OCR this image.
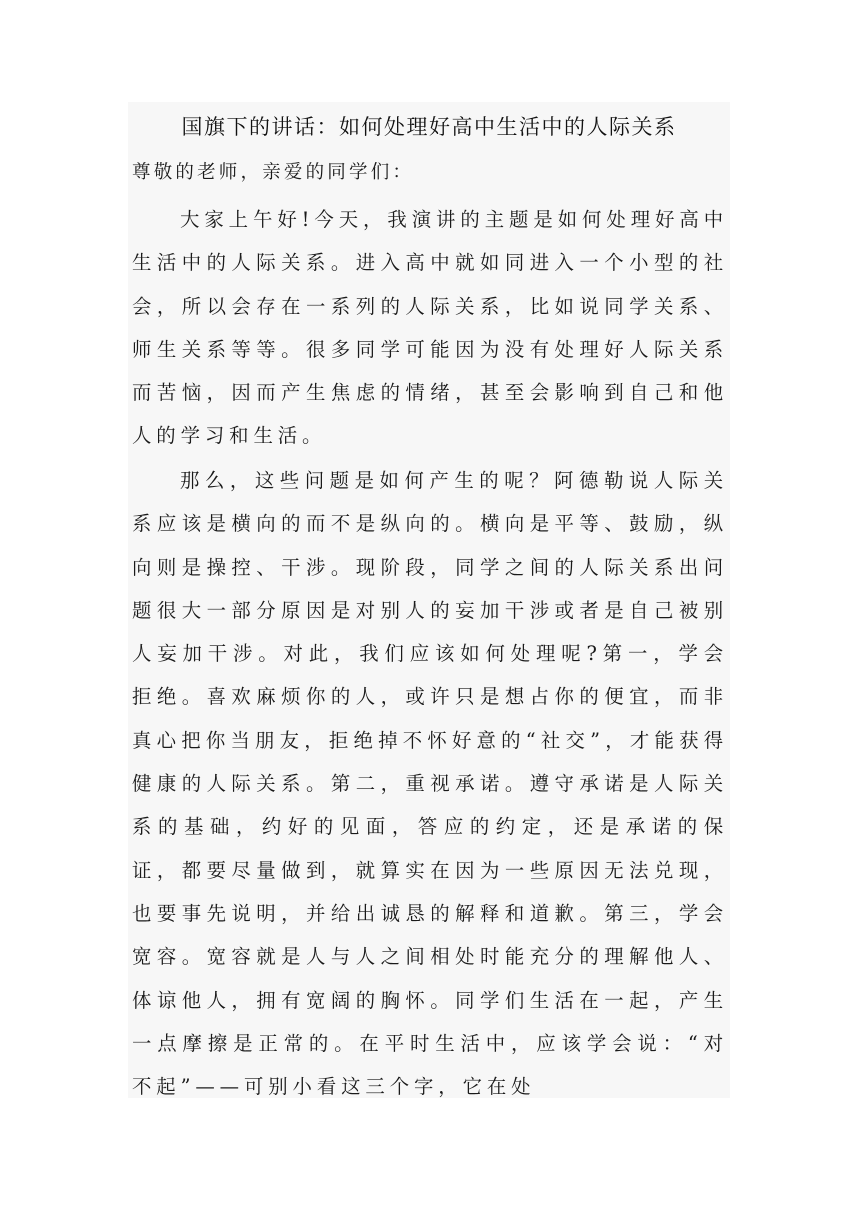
国旗下的讲话：如何处理好高中生活中的人际关系
尊敬的老师，亲爱的同学们：

大家上午好!今天，我演讲的主题是如何处理好高中生活中的人际关系。进入高中就如同进入一个小型的社会，所以会存在一系列的人际关系，比如说同学关系、师生关系等等。很多同学可能因为没有处理好人际关系而苦恼，因而产生焦虑的情绪，甚至会影响到自己和他人的学习和生活。

那么，这些问题是如何产生的呢？阿德勒说人际关系应该是横向的而不是纵向的。横向是平等、鼓励，纵向则是操控、干涉。现阶段，同学之间的人际关系出问题很大一部分原因是对别人的妄加干涉或者是自己被别人妄加干涉。对此，我们应该如何处理呢?第一，学会拒绝。喜欢麻烦你的人，或许只是想占你的便宜，而非真心把你当朋友，拒绝掉不怀好意的“社交”，才能获得健康的人际关系。第二，重视承诺。遵守承诺是人际关系的基础，约好的见面，答应的约定，还是承诺的保证，都要尽量做到，就算实在因为一些原因无法兑现，也要事先说明，并给出诚恳的解释和道歉。第三，学会宽容。宽容就是人与人之间相处时能充分的理解他人、体谅他人，拥有宽阔的胸怀。同学们生活在一起，产生一点摩擦是正常的。在平时生活中，应该学会说：“对不起”——可别小看这三个字，它在处
